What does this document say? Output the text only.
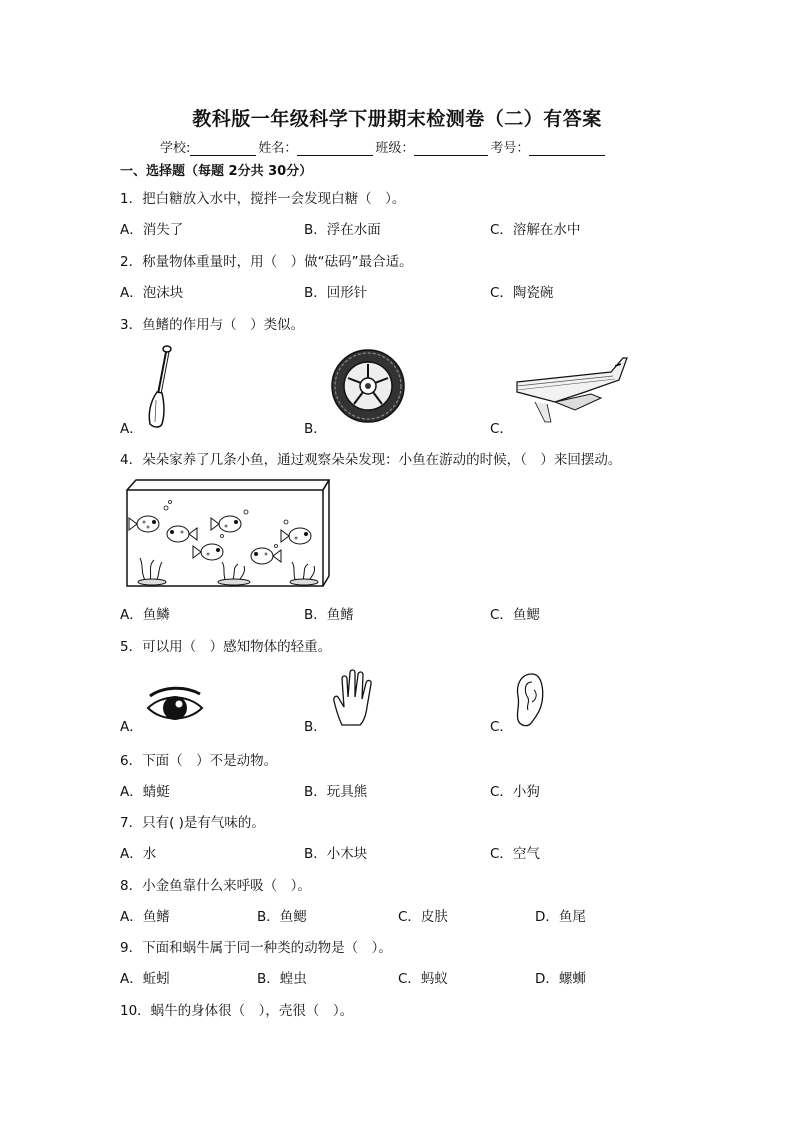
教科版一年级科学下册期末检测卷（二）有答案
学校:	姓名：	班级：	考号：
一、选择题（每题 2分共 30分）
1．把白糖放入水中，搅拌一会发现白糖（　）。
A．消失了	B．浮在水面	C．溶解在水中
2．称量物体重量时，用（　）做“砝码”最合适。
A．泡沫块	B．回形针	C．陶瓷碗
3．鱼鳍的作用与（　）类似。
A．	B．	C．
4．朵朵家养了几条小鱼，通过观察朵朵发现：小鱼在游动的时候，（　）来回摆动。
A．鱼鳞	B．鱼鳍	C．鱼鳃
5．可以用（　）感知物体的轻重。
A．	B．	C．
6．下面（　）不是动物。
A．蜻蜓	B．玩具熊	C．小狗
7．只有( )是有气味的。
A．水	B．小木块	C．空气
8．小金鱼靠什么来呼吸（　）。
A．鱼鳍	B．鱼鳃	C．皮肤	D．鱼尾
9．下面和蜗牛属于同一种类的动物是（　）。
A．蚯蚓	B．蝗虫	C．蚂蚁	D．螺蛳
10．蜗牛的身体很（　），壳很（　）。
